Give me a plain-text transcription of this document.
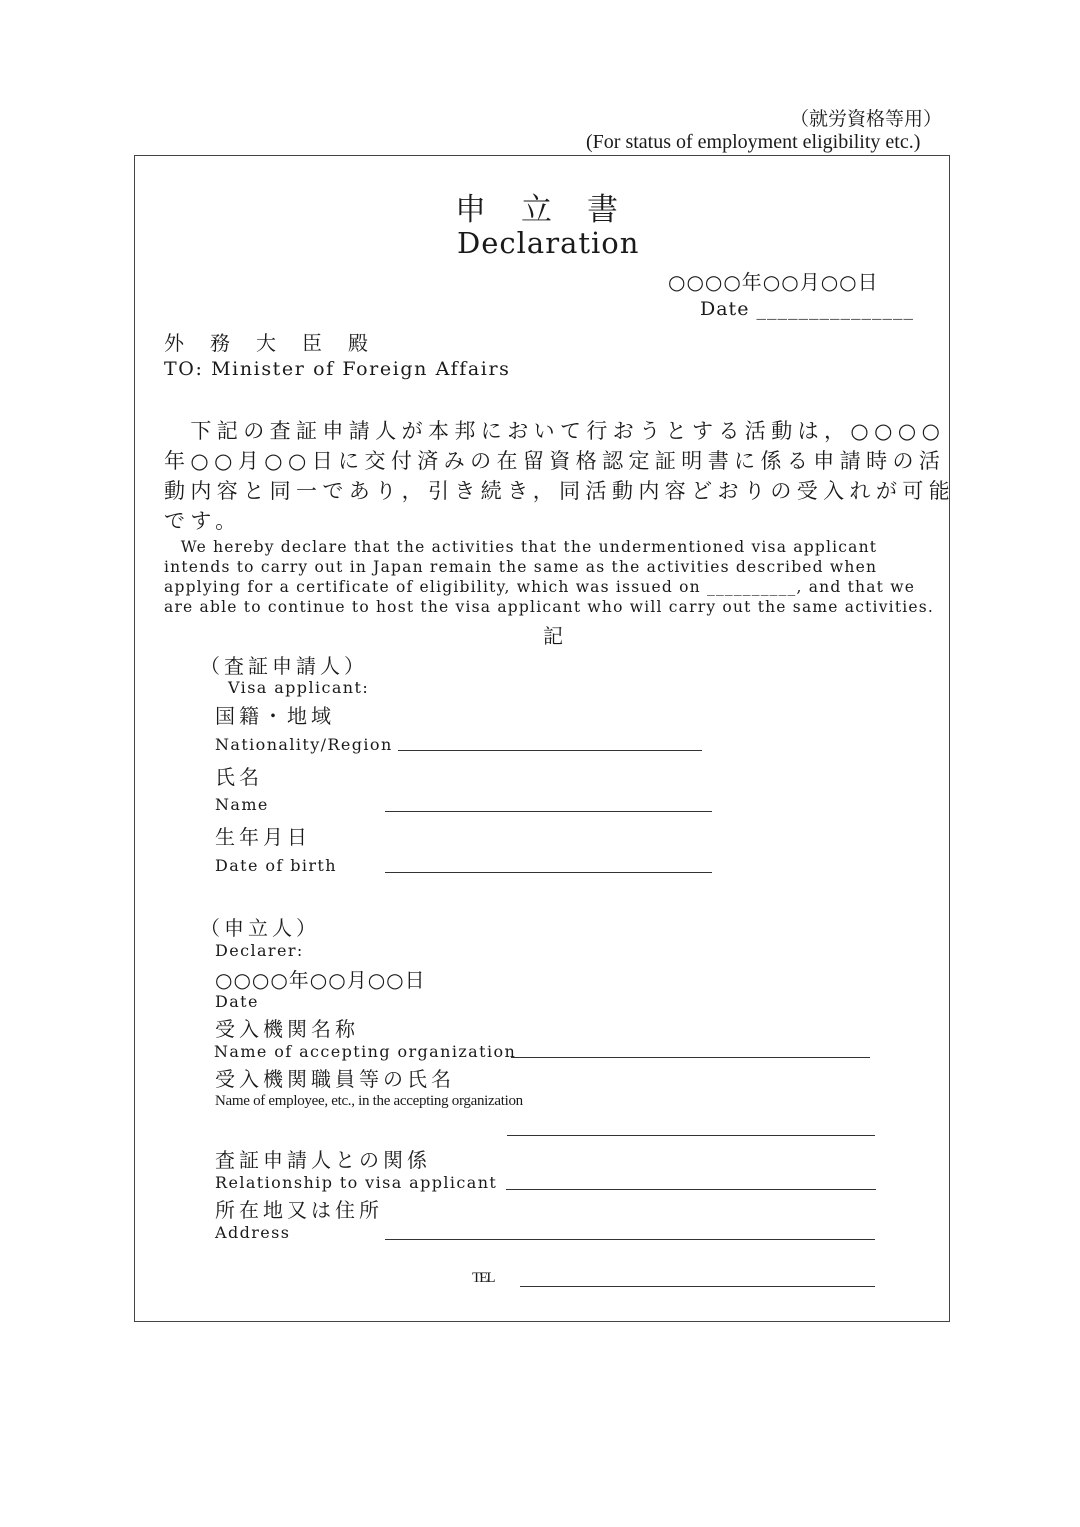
（就労資格等用）
(For status of employment eligibility etc.)
申　立　書
Declaration
○○○○年○○月○○日
Date _______________
外　務　大　臣　殿
TO: Minister of Foreign Affairs
　下記の査証申請人が本邦において行おうとする活動は，○○○○
年○○月○○日に交付済みの在留資格認定証明書に係る申請時の活
動内容と同一であり，引き続き，同活動内容どおりの受入れが可能
です。
　We hereby declare that the activities that the undermentioned visa applicant
intends to carry out in Japan remain the same as the activities described when
applying for a certificate of eligibility, which was issued on __________, and that we
are able to continue to host the visa applicant who will carry out the same activities.
記
（査証申請人）
Visa applicant:
国籍・地域
Nationality/Region
氏名
Name
生年月日
Date of birth
（申立人）
Declarer:
○○○○年○○月○○日
Date
受入機関名称
Name of accepting organization
受入機関職員等の氏名
Name of employee, etc., in the accepting organization
査証申請人との関係
Relationship to visa applicant
所在地又は住所
Address
TEL
